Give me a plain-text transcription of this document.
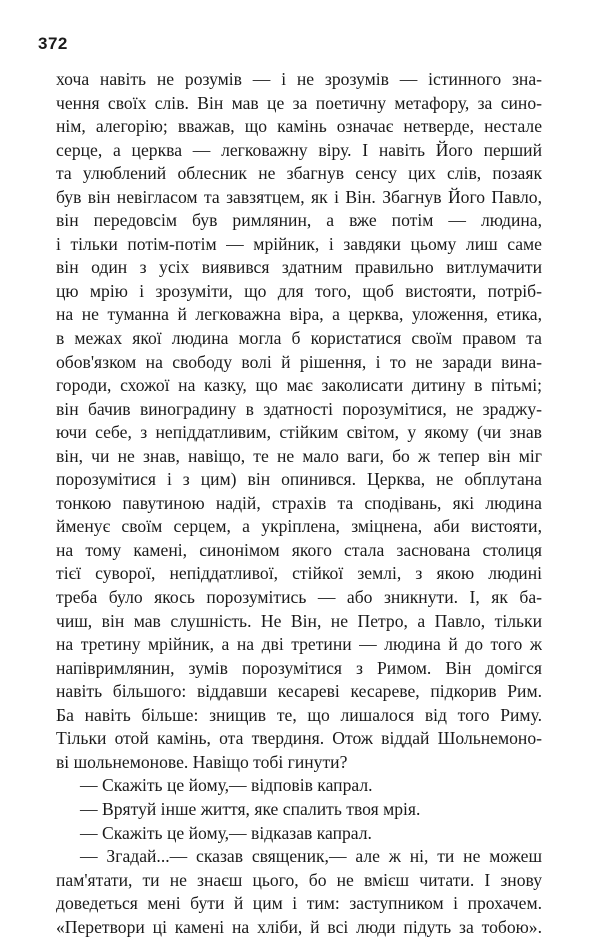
372
хоча навіть не розумів — і не зрозумів — істинного зна-
чення своїх слів. Він мав це за поетичну метафору, за сино-
нім, алегорію; вважав, що камінь означає нетверде, нестале
серце, а церква — легковажну віру. І навіть Його перший
та улюблений облесник не збагнув сенсу цих слів, позаяк
був він невігласом та завзятцем, як і Він. Збагнув Його Павло,
він передовсім був римлянин, а вже потім — людина,
і тільки потім-потім — мрійник, і завдяки цьому лиш саме
він один з усіх виявився здатним правильно витлумачити
цю мрію і зрозуміти, що для того, щоб вистояти, потріб-
на не туманна й легковажна віра, а церква, уложення, етика,
в межах якої людина могла б користатися своїм правом та
обов'язком на свободу волі й рішення, і то не заради вина-
городи, схожої на казку, що має заколисати дитину в пітьмі;
він бачив виноградину в здатності порозумітися, не зраджу-
ючи себе, з непіддатливим, стійким світом, у якому (чи знав
він, чи не знав, навіщо, те не мало ваги, бо ж тепер він міг
порозумітися і з цим) він опинився. Церква, не обплутана
тонкою павутиною надій, страхів та сподівань, які людина
йменує своїм серцем, а укріплена, зміцнена, аби вистояти,
на тому камені, синонімом якого стала заснована столиця
тієї суворої, непіддатливої, стійкої землі, з якою людині
треба було якось порозумітись — або зникнути. І, як ба-
чиш, він мав слушність. Не Він, не Петро, а Павло, тільки
на третину мрійник, а на дві третини — людина й до того ж
напівримлянин, зумів порозумітися з Римом. Він домігся
навіть більшого: віддавши кесареві кесареве, підкорив Рим.
Ба навіть більше: знищив те, що лишалося від того Риму.
Тільки отой камінь, ота твердиня. Отож віддай Шольнемоно-
ві шольнемонове. Навіщо тобі гинути?
— Скажіть це йому,— відповів капрал.
— Врятуй інше життя, яке спалить твоя мрія.
— Скажіть це йому,— відказав капрал.
— Згадай...— сказав священик,— але ж ні, ти не можеш
пам'ятати, ти не знаєш цього, бо не вмієш читати. І знову
доведеться мені бути й цим і тим: заступником і прохачем.
«Перетвори ці камені на хліби, й всі люди підуть за тобою».
